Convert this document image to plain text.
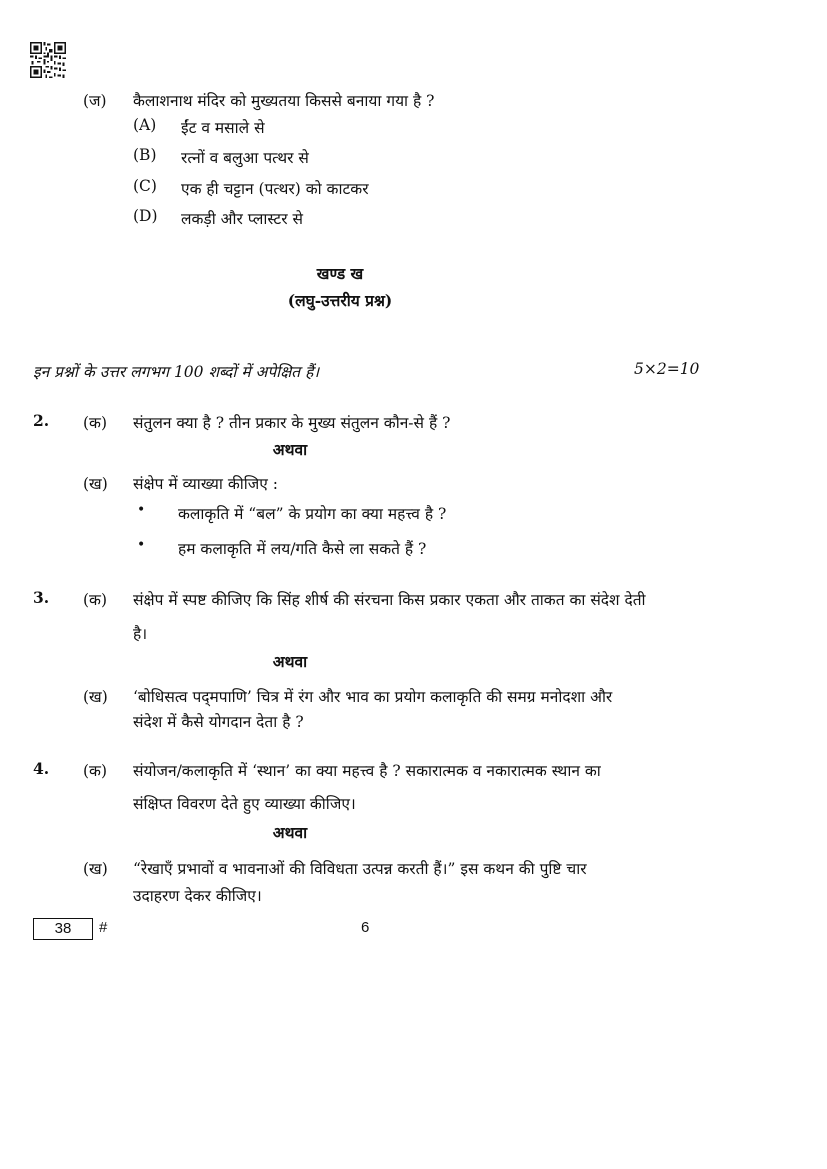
(ज) कैलाशनाथ मंदिर को मुख्यतया किससे बनाया गया है ?
(A) ईंट व मसाले से
(B) रत्नों व बलुआ पत्थर से
(C) एक ही चट्टान (पत्थर) को काटकर
(D) लकड़ी और प्लास्टर से
खण्ड ख
(लघु-उत्तरीय प्रश्न)
इन प्रश्नों के उत्तर लगभग 100 शब्दों में अपेक्षित हैं।	5×2=10
2. (क) संतुलन क्या है ? तीन प्रकार के मुख्य संतुलन कौन-से हैं ?
अथवा
(ख) संक्षेप में व्याख्या कीजिए :
• कलाकृति में “बल” के प्रयोग का क्या महत्त्व है ?
• हम कलाकृति में लय/गति कैसे ला सकते हैं ?
3. (क) संक्षेप में स्पष्ट कीजिए कि सिंह शीर्ष की संरचना किस प्रकार एकता और ताकत का संदेश देती
है।
अथवा
(ख) ‘बोधिसत्व पद्‌मपाणि’ चित्र में रंग और भाव का प्रयोग कलाकृति की समग्र मनोदशा और
संदेश में कैसे योगदान देता है ?
4. (क) संयोजन/कलाकृति में ‘स्थान’ का क्या महत्त्व है ? सकारात्मक व नकारात्मक स्थान का
संक्षिप्त विवरण देते हुए व्याख्या कीजिए।
अथवा
(ख) “रेखाएँ प्रभावों व भावनाओं की विविधता उत्पन्न करती हैं।” इस कथन की पुष्टि चार
उदाहरण देकर कीजिए।
38	#	6
